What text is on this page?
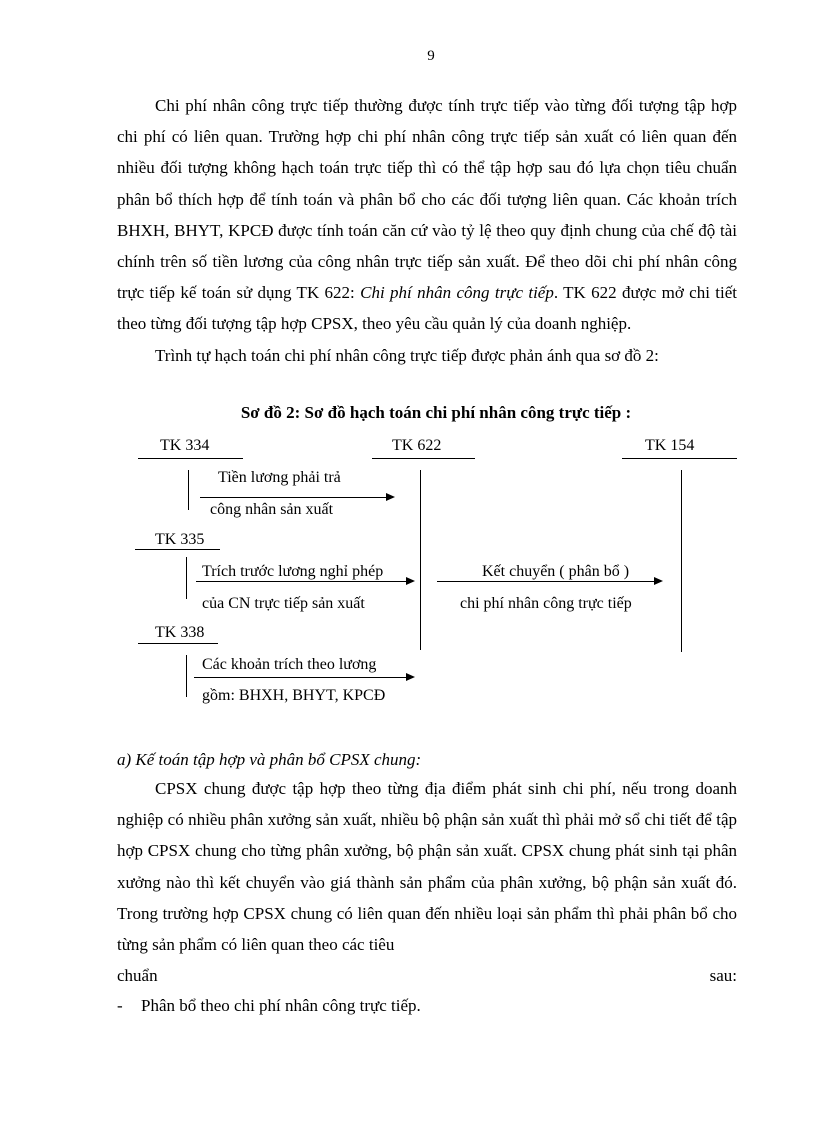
9

Chi phí nhân công trực tiếp thường được tính trực tiếp vào từng đối tượng tập hợp chi phí có liên quan. Trường hợp chi phí nhân công trực tiếp sản xuất có liên quan đến nhiều đối tượng không hạch toán trực tiếp thì có thể tập hợp sau đó lựa chọn tiêu chuẩn phân bổ thích hợp để tính toán và phân bổ cho các đối tượng liên quan. Các khoản trích BHXH, BHYT, KPCĐ được tính toán căn cứ vào tỷ lệ theo quy định chung của chế độ tài chính trên số tiền lương của công nhân trực tiếp sản xuất. Để theo dõi chi phí nhân công trực tiếp kế toán sử dụng TK 622: Chi phí nhân công trực tiếp. TK 622 được mở chi tiết theo từng đối tượng tập hợp CPSX, theo yêu cầu quản lý của doanh nghiệp.

Trình tự hạch toán chi phí nhân công trực tiếp được phản ánh qua sơ đồ 2:

Sơ đồ 2: Sơ đồ hạch toán chi phí nhân công trực tiếp :
TK 334	TK 622	TK 154
Tiền lương phải trả
công nhân sản xuất
TK 335
Trích trước lương nghỉ phép
của CN trực tiếp sản xuất
Kết chuyển ( phân bổ )
chi phí nhân công trực tiếp
TK 338
Các khoản trích theo lương
gồm: BHXH, BHYT, KPCĐ
a) Kế toán tập hợp và phân bổ CPSX chung:

CPSX chung được tập hợp theo từng địa điểm phát sinh chi phí, nếu trong doanh nghiệp có nhiều phân xưởng sản xuất, nhiều bộ phận sản xuất thì phải mở sổ chi tiết để tập hợp CPSX chung cho từng phân xưởng, bộ phận sản xuất. CPSX chung phát sinh tại phân xưởng nào thì kết chuyển vào giá thành sản phẩm của phân xưởng, bộ phận sản xuất đó. Trong trường hợp CPSX chung có liên quan đến nhiều loại sản phẩm thì phải phân bổ cho từng sản phẩm có liên quan theo các tiêu

chuẩn	sau:
- Phân bổ theo chi phí nhân công trực tiếp.
